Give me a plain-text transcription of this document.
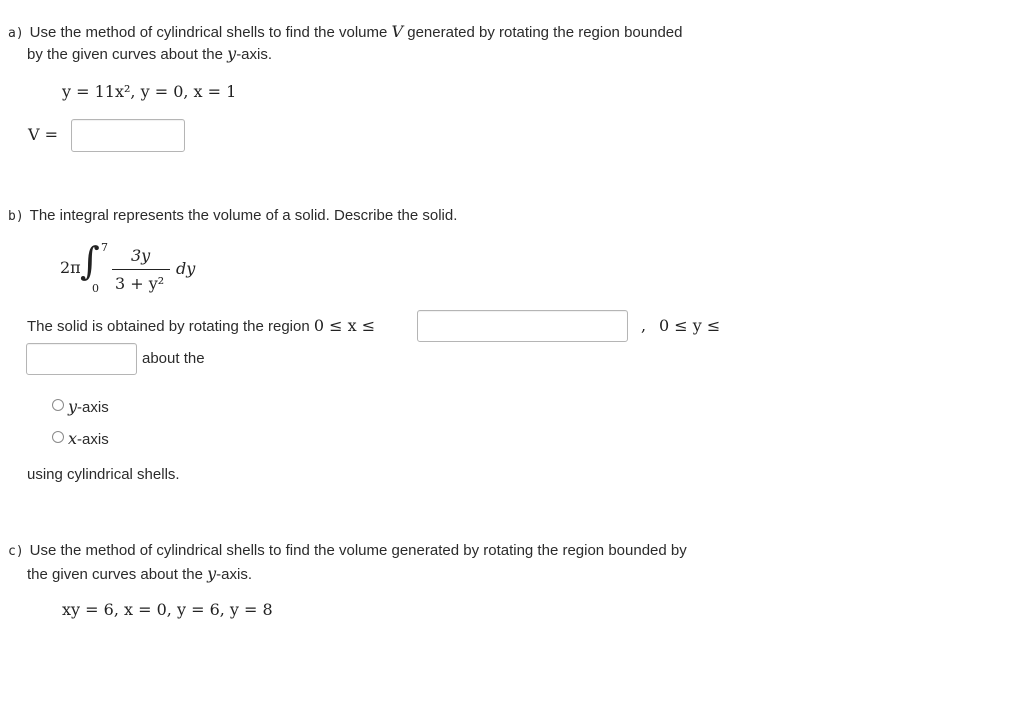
a) Use the method of cylindrical shells to find the volume V generated by rotating the region bounded
by the given curves about the y-axis.
y = 11x², y = 0, x = 1
V =
b) The integral represents the volume of a solid. Describe the solid.
2π ∫ 7
0
3y
3 + y²
dy
The solid is obtained by rotating the region 0 ≤ x ≤	, 0 ≤ y ≤
about the
y-axis
x-axis
using cylindrical shells.
c) Use the method of cylindrical shells to find the volume generated by rotating the region bounded by
the given curves about the y-axis.
xy = 6, x = 0, y = 6, y = 8
